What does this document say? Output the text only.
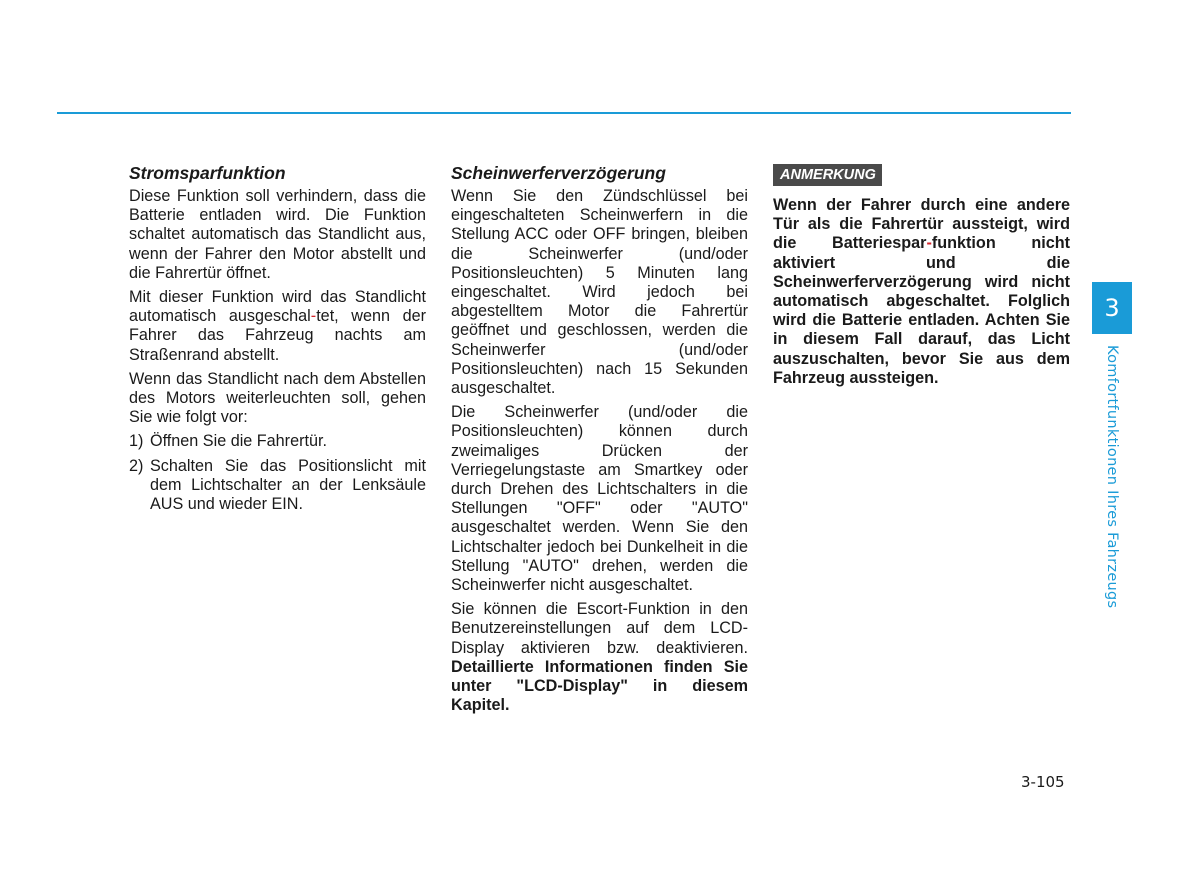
Stromsparfunktion

Diese Funktion soll verhindern, dass die Batterie entladen wird. Die Funktion schaltet automatisch das Standlicht aus, wenn der Fahrer den Motor abstellt und die Fahrertür öffnet.

Mit dieser Funktion wird das Standlicht automatisch ausgeschal-tet, wenn der Fahrer das Fahrzeug nachts am Straßenrand abstellt.

Wenn das Standlicht nach dem Abstellen des Motors weiterleuchten soll, gehen Sie wie folgt vor:

1) Öffnen Sie die Fahrertür.
2) Schalten Sie das Positionslicht mit dem Lichtschalter an der Lenksäule AUS und wieder EIN.
Scheinwerferverzögerung

Wenn Sie den Zündschlüssel bei eingeschalteten Scheinwerfern in die Stellung ACC oder OFF bringen, bleiben die Scheinwerfer (und/oder Positionsleuchten) 5 Minuten lang eingeschaltet. Wird jedoch bei abgestelltem Motor die Fahrertür geöffnet und geschlossen, werden die Scheinwerfer (und/oder Positionsleuchten) nach 15 Sekunden ausgeschaltet.

Die Scheinwerfer (und/oder die Positionsleuchten) können durch zweimaliges Drücken der Verriegelungstaste am Smartkey oder durch Drehen des Lichtschalters in die Stellungen "OFF" oder "AUTO" ausgeschaltet werden. Wenn Sie den Lichtschalter jedoch bei Dunkelheit in die Stellung "AUTO" drehen, werden die Scheinwerfer nicht ausgeschaltet.

Sie können die Escort-Funktion in den Benutzereinstellungen auf dem LCD-Display aktivieren bzw. deaktivieren. Detaillierte Informationen finden Sie unter "LCD-Display" in diesem Kapitel.

ANMERKUNG

Wenn der Fahrer durch eine andere Tür als die Fahrertür aussteigt, wird die Batteriespar-funktion nicht aktiviert und die Scheinwerferverzögerung wird nicht automatisch abgeschaltet. Folglich wird die Batterie entladen. Achten Sie in diesem Fall darauf, das Licht auszuschalten, bevor Sie aus dem Fahrzeug aussteigen.

3
Komfortfunktionen Ihres Fahrzeugs
3-105
